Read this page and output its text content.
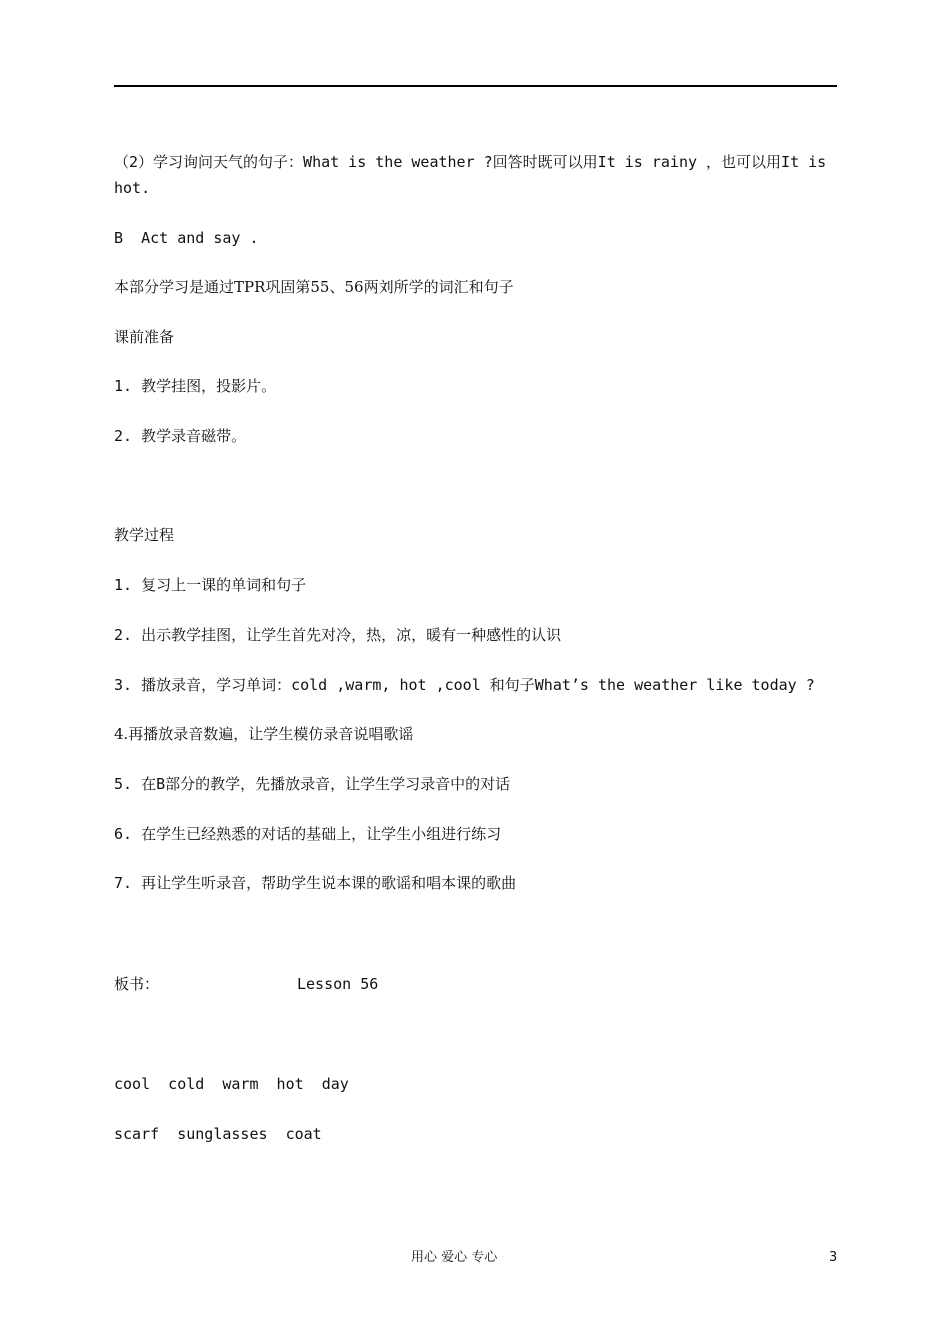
（2）学习询问天气的句子：What is the weather ?回答时既可以用It is rainy ，也可以用It is
hot.
B  Act and say .
本部分学习是通过TPR巩固第55、56两刘所学的词汇和句子
课前准备
1. 教学挂图，投影片。
2. 教学录音磁带。
教学过程
1. 复习上一课的单词和句子
2. 出示教学挂图，让学生首先对冷，热，凉，暖有一种感性的认识
3. 播放录音，学习单词：cold ,warm, hot ,cool 和句子What’s the weather like today ?
4.再播放录音数遍，让学生模仿录音说唱歌谣
5. 在B部分的教学，先播放录音，让学生学习录音中的对话
6. 在学生已经熟悉的对话的基础上，让学生小组进行练习
7. 再让学生听录音，帮助学生说本课的歌谣和唱本课的歌曲
板书：	Lesson 56
cool  cold  warm  hot  day
scarf  sunglasses  coat
用心 爱心 专心	3
